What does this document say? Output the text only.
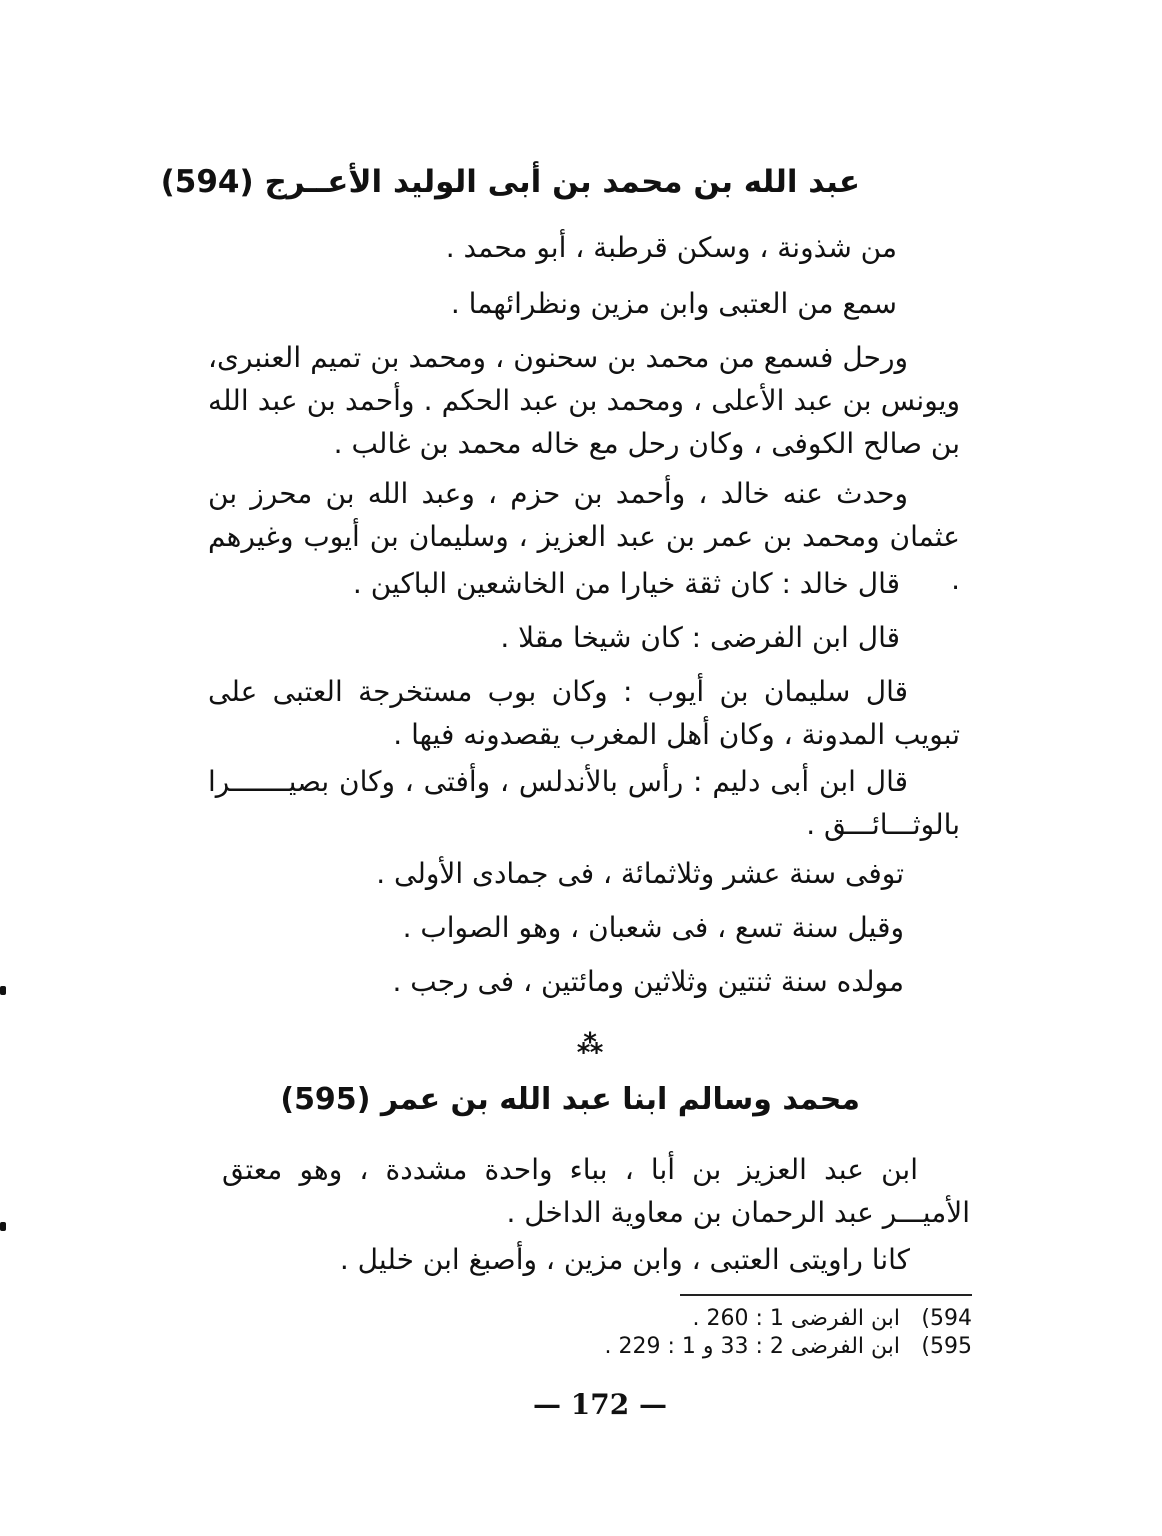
عبد الله بن محمد بن أبى الوليد الأعــرج (594)
من شذونة ، وسكن قرطبة ، أبو محمد .
سمع من العتبى وابن مزين ونظرائهما .
ورحل فسمع من محمد بن سحنون ، ومحمد بن تميم العنبرى، ويونس بن عبد الأعلى ، ومحمد بن عبد الحكم . وأحمد بن عبد الله بن صالح الكوفى ، وكان رحل مع خاله محمد بن غالب .
وحدث عنه خالد ، وأحمد بن حزم ، وعبد الله بن محرز بن عثمان ومحمد بن عمر بن عبد العزيز ، وسليمان بن أيوب وغيرهم .
قال خالد : كان ثقة خيارا من الخاشعين الباكين .
قال ابن الفرضى : كان شيخا مقلا .
قال سليمان بن أيوب : وكان بوب مستخرجة العتبى على تبويب المدونة ، وكان أهل المغرب يقصدونه فيها .
قال ابن أبى دليم : رأس بالأندلس ، وأفتى ، وكان بصيـــــــرا بالوثـــائـــق .
توفى سنة عشر وثلاثمائة ، فى جمادى الأولى .
وقيل سنة تسع ، فى شعبان ، وهو الصواب .
مولده سنة ثنتين وثلاثين ومائتين ، فى رجب .
⁂
محمد وسالم ابنا عبد الله بن عمر (595)
ابن عبد العزيز بن أبا ، بباء واحدة مشددة ، وهو معتق الأميـــر عبد الرحمان بن معاوية الداخل .
كانا راويتى العتبى ، وابن مزين ، وأصبغ ابن خليل .
594)ابن الفرضى 1 : 260 .
595)ابن الفرضى 2 : 33 و 1 : 229 .
— 172 —
